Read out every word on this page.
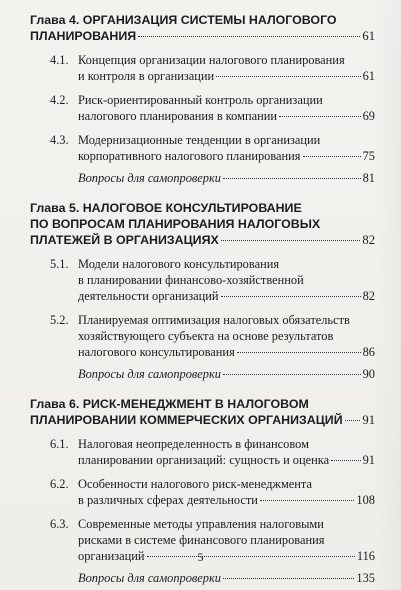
Глава 4. ОРГАНИЗАЦИЯ СИСТЕМЫ НАЛОГОВОГО
ПЛАНИРОВАНИЯ	61
4.1. Концепция организации налогового планирования
и контроля в организации	61
4.2. Риск-ориентированный контроль организации
налогового планирования в компании	69
4.3. Модернизационные тенденции в организации
корпоративного налогового планирования	75
Вопросы для самопроверки	81
Глава 5. НАЛОГОВОЕ КОНСУЛЬТИРОВАНИЕ
ПО ВОПРОСАМ ПЛАНИРОВАНИЯ НАЛОГОВЫХ
ПЛАТЕЖЕЙ В ОРГАНИЗАЦИЯХ	82
5.1. Модели налогового консультирования
в планировании финансово-хозяйственной
деятельности организаций	82
5.2. Планируемая оптимизация налоговых обязательств
хозяйствующего субъекта на основе результатов
налогового консультирования	86
Вопросы для самопроверки	90
Глава 6. РИСК-МЕНЕДЖМЕНТ В НАЛОГОВОМ
ПЛАНИРОВАНИИ КОММЕРЧЕСКИХ ОРГАНИЗАЦИЙ 91
6.1. Налоговая неопределенность в финансовом
планировании организаций: сущность и оценка	91
6.2. Особенности налогового риск-менеджмента
в различных сферах деятельности	108
6.3. Современные методы управления налоговыми
рисками в системе финансового планирования
организаций	116
Вопросы для самопроверки	135
5
